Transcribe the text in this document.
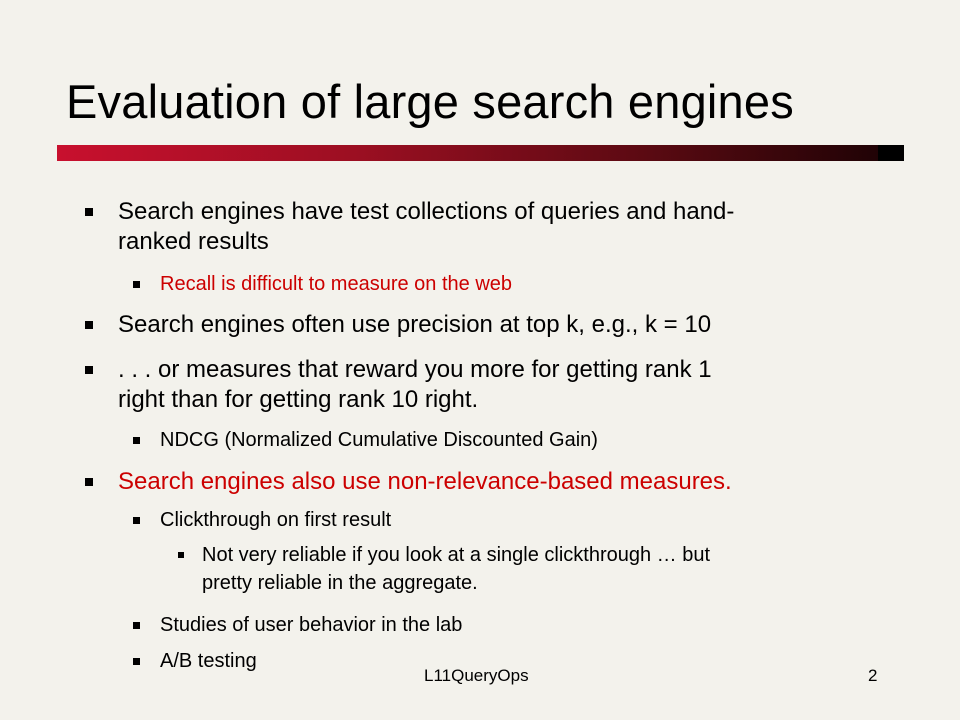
Evaluation of large search engines
Search engines have test collections of queries and hand-
ranked results
Recall is difficult to measure on the web
Search engines often use precision at top k, e.g., k = 10
. . . or measures that reward you more for getting rank 1
right than for getting rank 10 right.
NDCG (Normalized Cumulative Discounted Gain)
Search engines also use non-relevance-based measures.
Clickthrough on first result
Not very reliable if you look at a single clickthrough … but
pretty reliable in the aggregate.
Studies of user behavior in the lab
A/B testing
L11QueryOps	2
